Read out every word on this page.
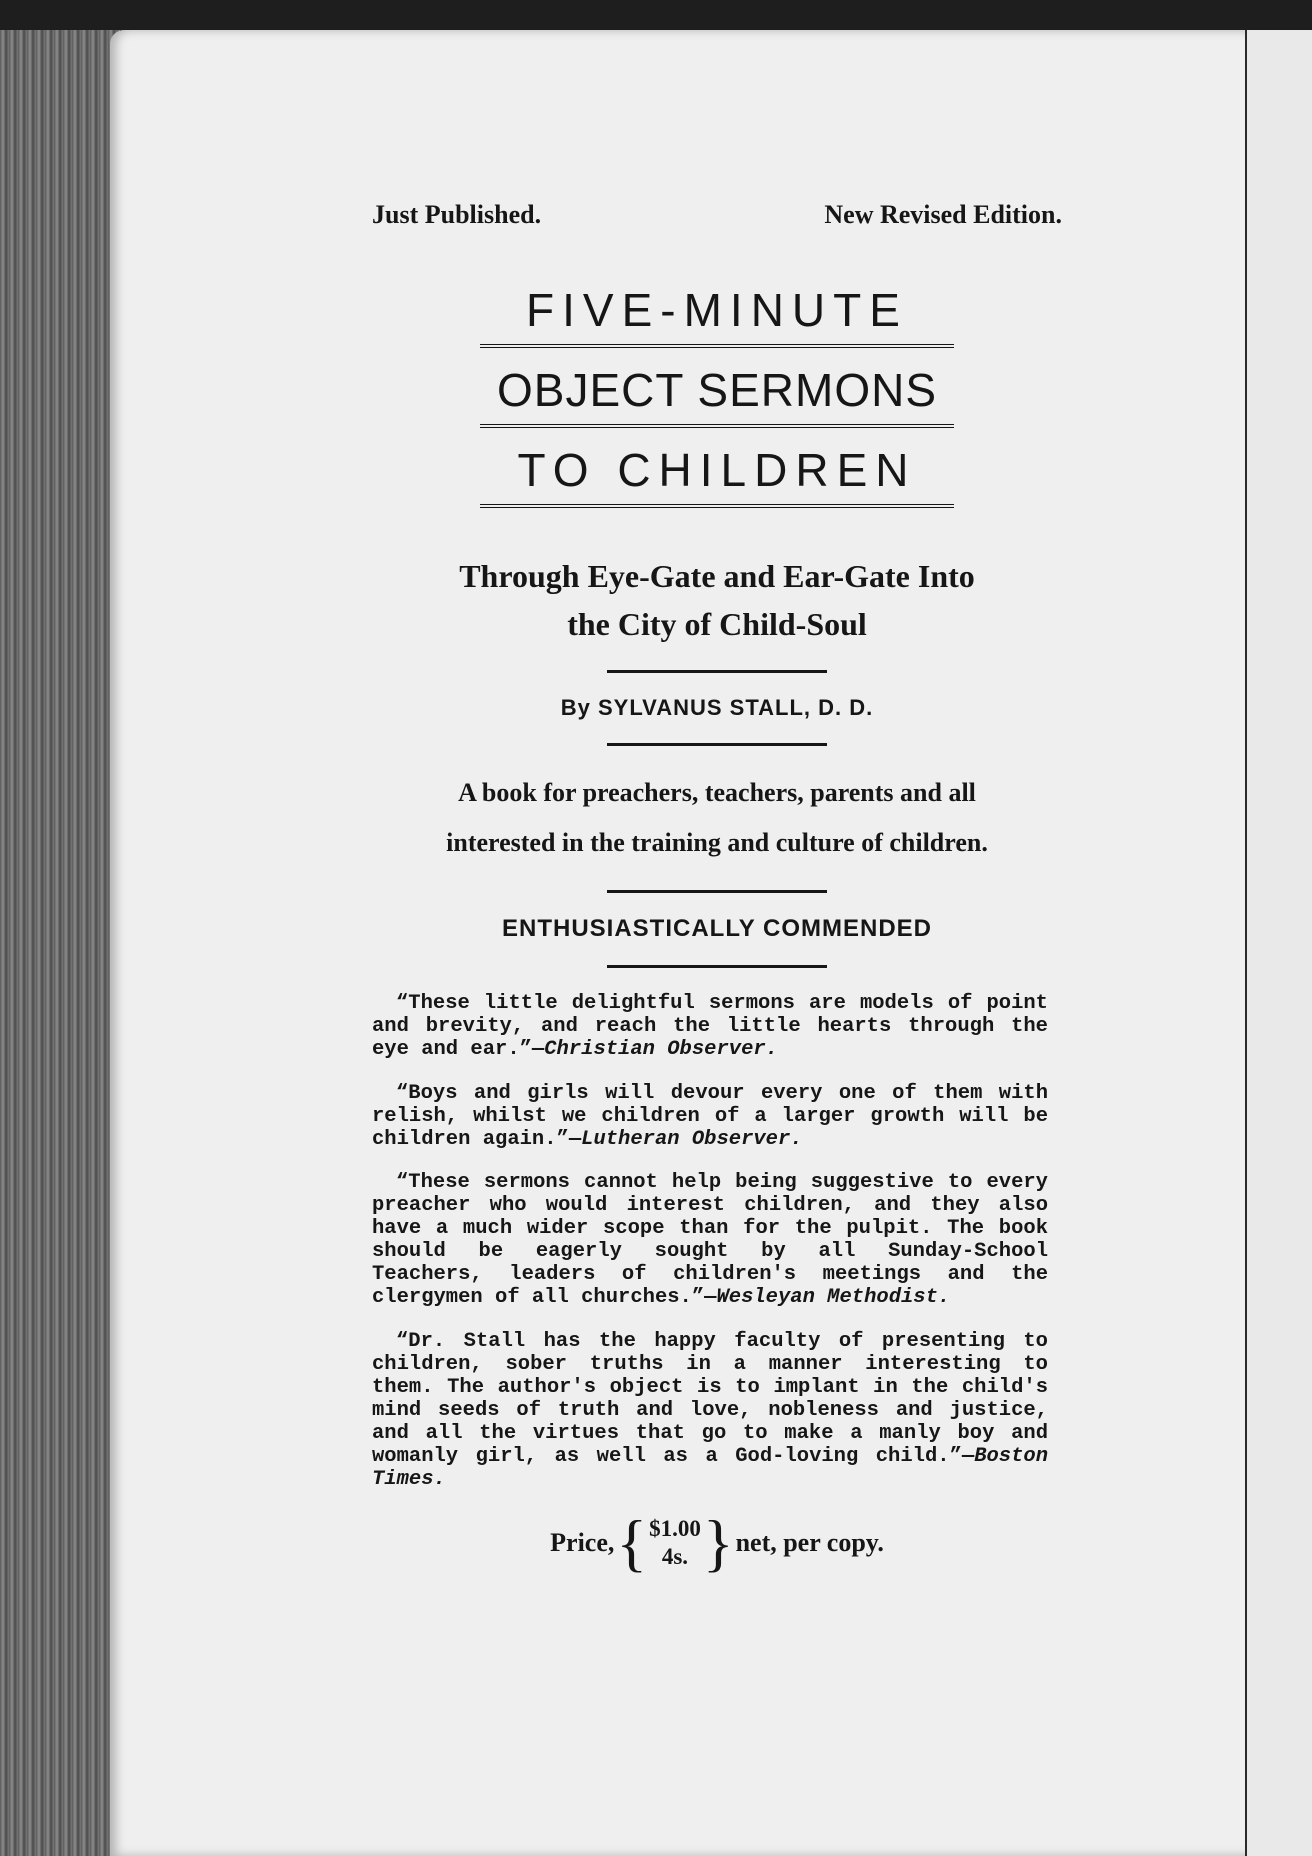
Just Published.	New Revised Edition.
FIVE-MINUTE
OBJECT SERMONS
TO CHILDREN
Through Eye-Gate and Ear-Gate Into
the City of Child-Soul
By SYLVANUS STALL, D. D.
A book for preachers, teachers, parents and all
interested in the training and culture of children.
ENTHUSIASTICALLY COMMENDED

“These little delightful sermons are models of point and brevity, and reach the little hearts through the eye and ear.”—Christian Observer.

“Boys and girls will devour every one of them with relish, whilst we children of a larger growth will be children again.”—Lutheran Observer.

“These sermons cannot help being suggestive to every preacher who would interest children, and they also have a much wider scope than for the pulpit. The book should be eagerly sought by all Sunday-School Teachers, leaders of children's meetings and the clergymen of all churches.”—Wesleyan Methodist.

“Dr. Stall has the happy faculty of presenting to children, sober truths in a manner interesting to them. The author's object is to implant in the child's mind seeds of truth and love, nobleness and justice, and all the virtues that go to make a manly boy and womanly girl, as well as a God-loving child.”—Boston Times.

Price, { $1.00
4s. } net, per copy.
